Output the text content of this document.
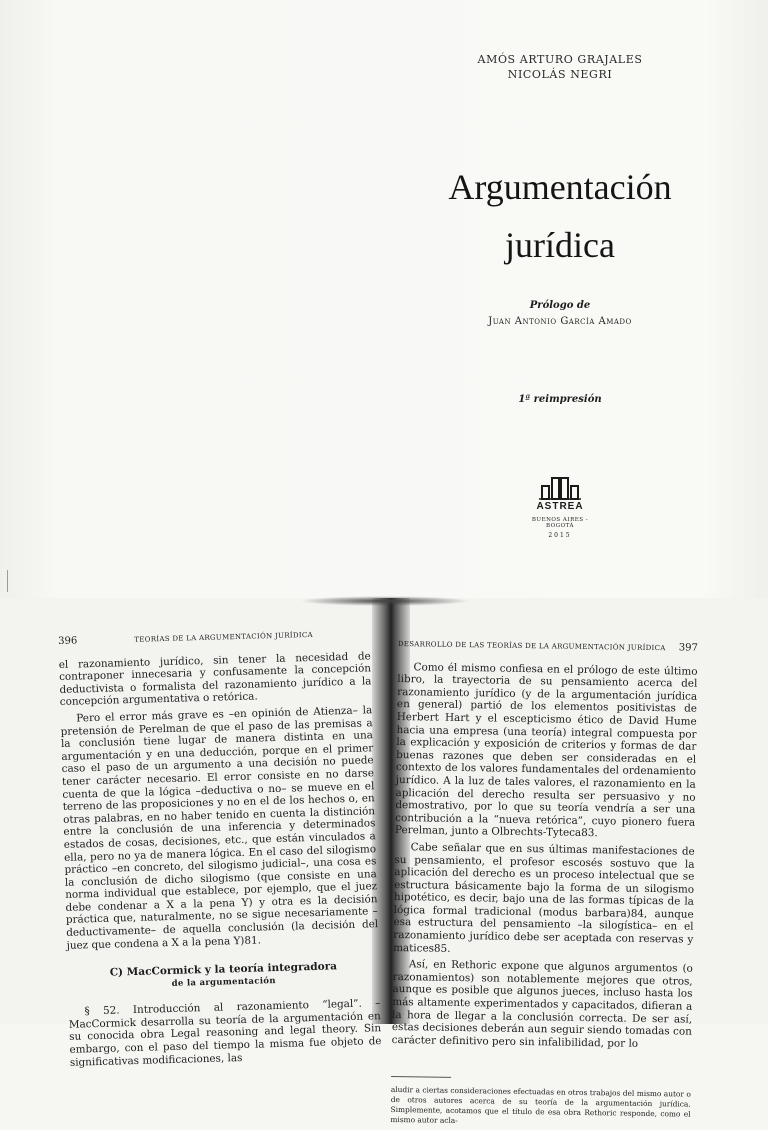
AMÓS ARTURO GRAJALES
NICOLÁS NEGRI
Argumentación
jurídica
Prólogo de
Juan Antonio García Amado
1ª reimpresión
ASTREA
BUENOS AIRES - BOGOTÁ
2015
396	TEORÍAS DE LA ARGUMENTACIÓN JURÍDICA

el razonamiento jurídico, sin tener la necesidad de contraponer innecesaria y confusamente la concepción deductivista o formalista del razonamiento jurídico a la concepción argumentativa o retórica.

Pero el error más grave es –en opinión de Atienza– la pretensión de Perelman de que el paso de las premisas a la conclusión tiene lugar de manera distinta en una argumentación y en una deducción, porque en el primer caso el paso de un argumento a una decisión no puede tener carácter necesario. El error consiste en no darse cuenta de que la lógica –deductiva o no– se mueve en el terreno de las proposiciones y no en el de los hechos o, en otras palabras, en no haber tenido en cuenta la distinción entre la conclusión de una inferencia y determinados estados de cosas, decisiones, etc., que están vinculados a ella, pero no ya de manera lógica. En el caso del silogismo práctico –en concreto, del silogismo judicial–, una cosa es la conclusión de dicho silogismo (que consiste en una norma individual que establece, por ejemplo, que el juez debe condenar a X a la pena Y) y otra es la decisión práctica que, naturalmente, no se sigue necesariamente –deductivamente– de aquella conclusión (la decisión del juez que condena a X a la pena Y)81.

C) MacCormick y la teoría integradora
de la argumentación

§ 52. Introducción al razonamiento “legal”. – MacCormick desarrolla su teoría de la argumentación en su conocida obra Legal reasoning and legal theory. Sin embargo, con el paso del tiempo la misma fue objeto de significativas modificaciones, las

DESARROLLO DE LAS TEORÍAS DE LA ARGUMENTACIÓN JURÍDICA 397

Como él mismo confiesa en el prólogo de este último libro, la trayectoria de su pensamiento acerca del razonamiento jurídico (y de la argumentación jurídica en general) partió de los elementos positivistas de Herbert Hart y el escepticismo ético de David Hume hacia una empresa (una teoría) integral compuesta por la explicación y exposición de criterios y formas de dar buenas razones que deben ser consideradas en el contexto de los valores fundamentales del ordenamiento jurídico. A la luz de tales valores, el razonamiento en la aplicación del derecho resulta ser persuasivo y no demostrativo, por lo que su teoría vendría a ser una contribución a la “nueva retórica”, cuyo pionero fuera Perelman, junto a Olbrechts-Tyteca83.

Cabe señalar que en sus últimas manifestaciones de su pensamiento, el profesor escosés sostuvo que la aplicación del derecho es un proceso intelectual que se estructura básicamente bajo la forma de un silogismo hipotético, es decir, bajo una de las formas típicas de la lógica formal tradicional (modus barbara)84, aunque esa estructura del pensamiento –la silogística– en el razonamiento jurídico debe ser aceptada con reservas y matices85.

Así, en Rethoric expone que algunos argumentos (o razonamientos) son notablemente mejores que otros, aunque es posible que algunos jueces, incluso hasta los más altamente experimentados y capacitados, difieran a la hora de llegar a la conclusión correcta. De ser así, estas decisiones deberán aun seguir siendo tomadas con carácter definitivo pero sin infalibilidad, por lo

aludir a ciertas consideraciones efectuadas en otros trabajos del mismo autor o de otros autores acerca de su teoría de la argumentación jurídica. Simplemente, acotamos que el título de esa obra Rethoric responde, como el mismo autor acla-
